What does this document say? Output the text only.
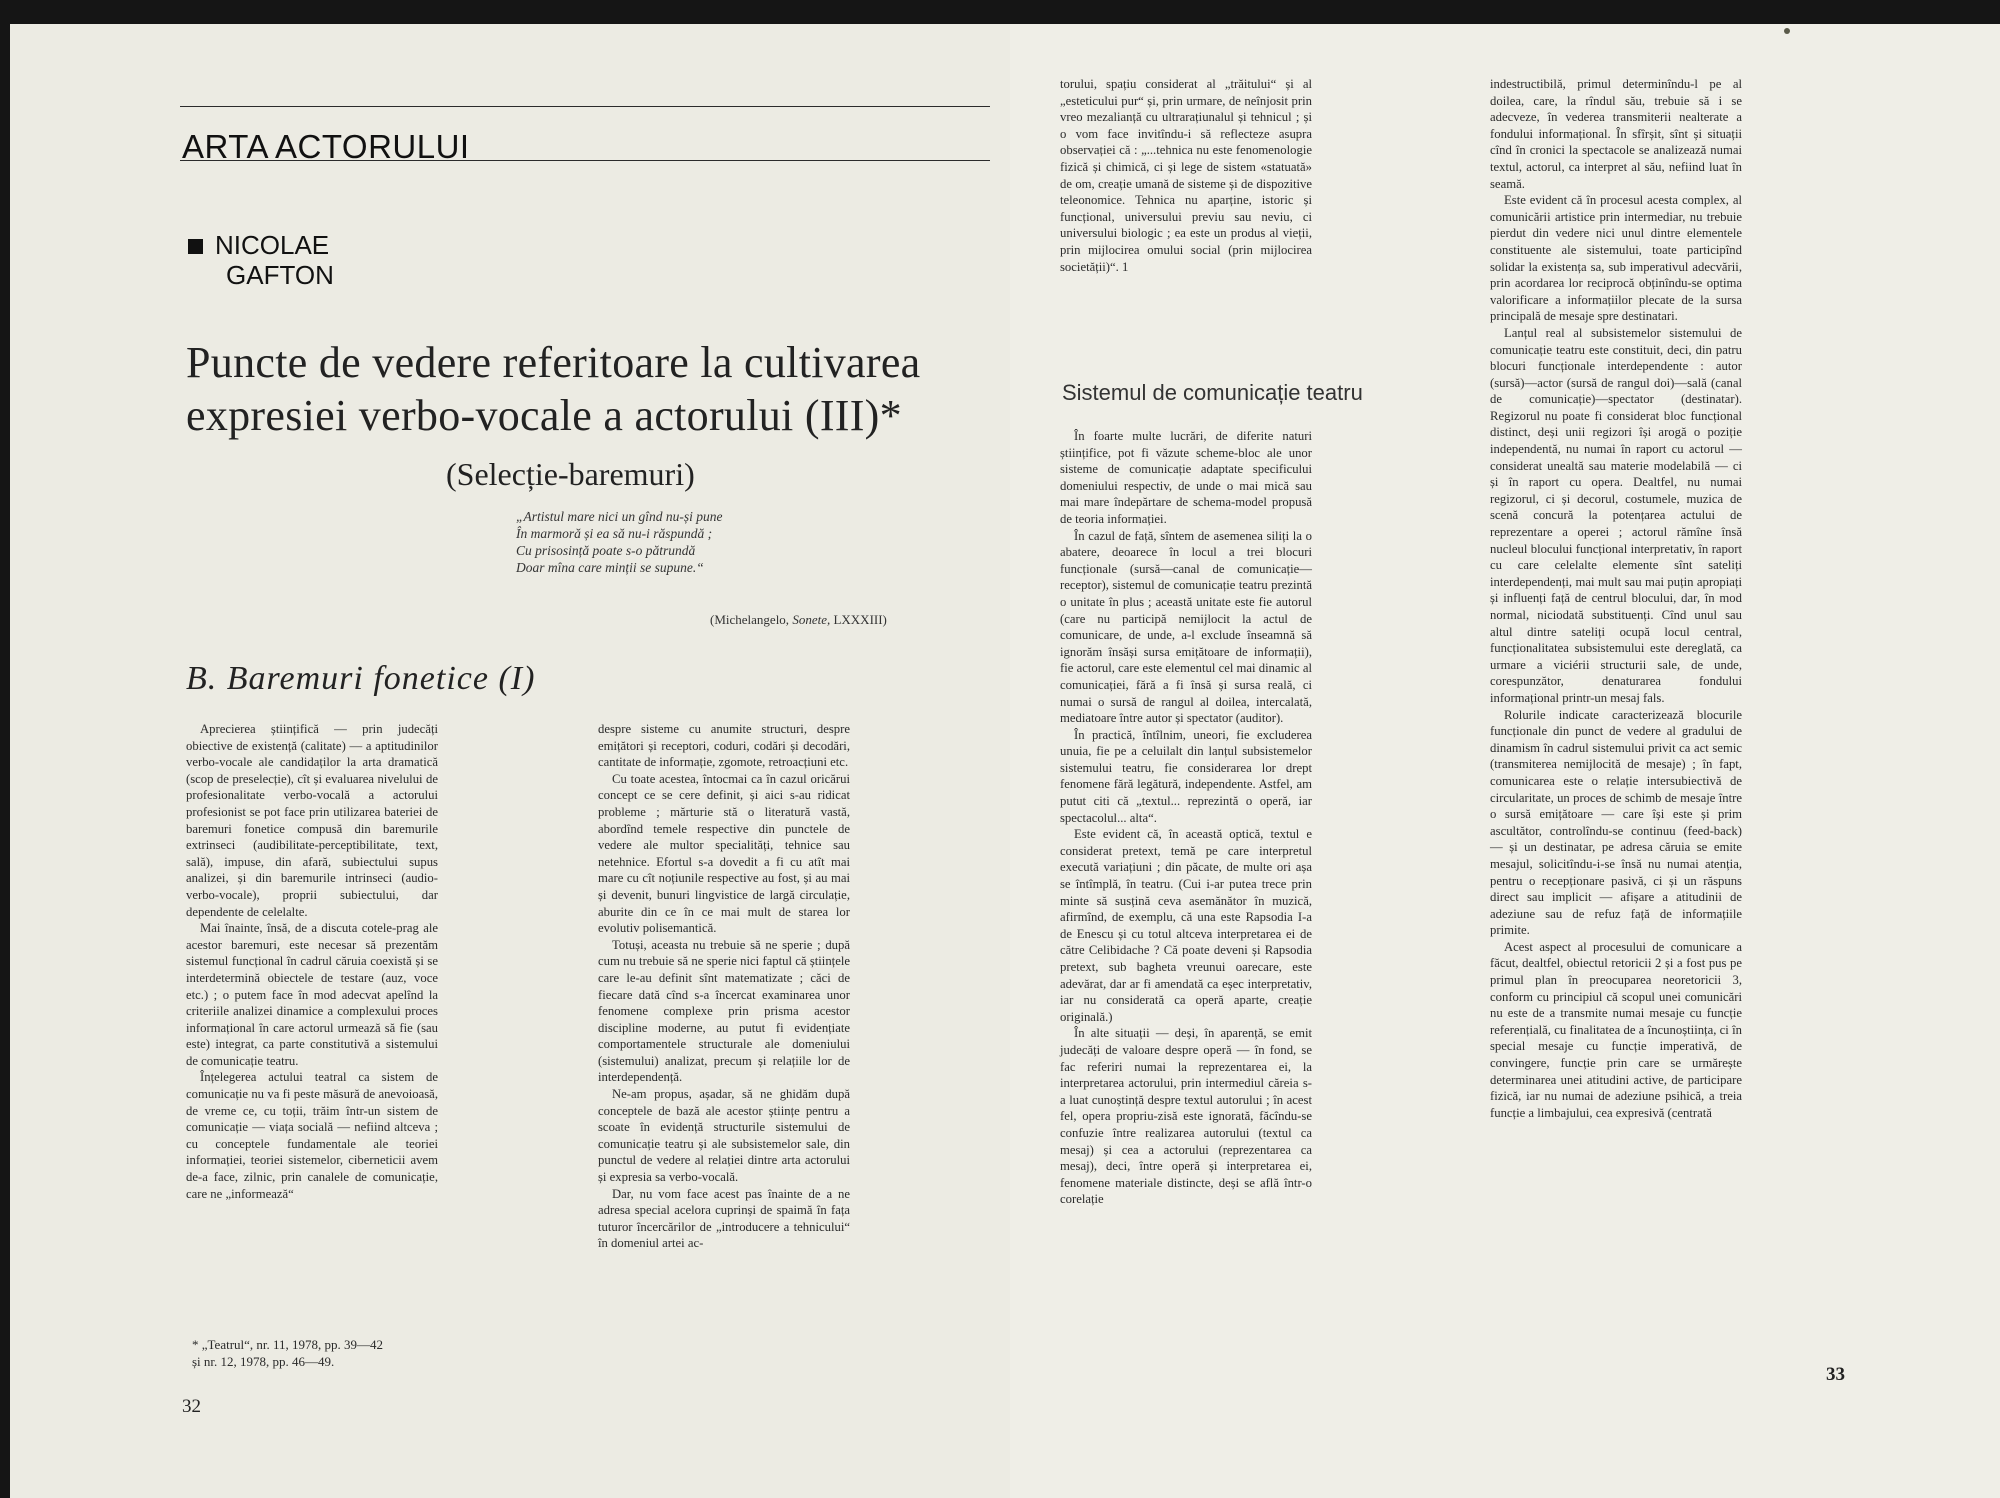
ARTA ACTORULUI
NICOLAE
GAFTON
Puncte de vedere referitoare la cultivarea
expresiei verbo-vocale a actorului (III)*
(Selecție-baremuri)
„Artistul mare nici un gînd nu-și pune
În marmoră și ea să nu-i răspundă ;
Cu prisosință poate s-o pătrundă
Doar mîna care minții se supune.“
(Michelangelo, Sonete, LXXXIII)
B. Baremuri fonetice (I)

Aprecierea științifică — prin judecăți obiective de existență (calitate) — a aptitudinilor verbo-vocale ale candidaților la arta dramatică (scop de preselecție), cît și evaluarea nivelului de profesionalitate verbo-vocală a actorului profesionist se pot face prin utilizarea bateriei de baremuri fonetice compusă din baremurile extrinseci (audibilitate-perceptibilitate, text, sală), impuse, din afară, subiectului supus analizei, și din baremurile intrinseci (audio-verbo-vocale), proprii subiectului, dar dependente de celelalte.

Mai înainte, însă, de a discuta cotele-prag ale acestor baremuri, este necesar să prezentăm sistemul funcțional în cadrul căruia coexistă și se interdetermină obiectele de testare (auz, voce etc.) ; o putem face în mod adecvat apelînd la criteriile analizei dinamice a complexului proces informațional în care actorul urmează să fie (sau este) integrat, ca parte constitutivă a sistemului de comunicație teatru.

Înțelegerea actului teatral ca sistem de comunicație nu va fi peste măsură de anevoioasă, de vreme ce, cu toții, trăim într-un sistem de comunicație — viața socială — nefiind altceva ; cu conceptele fundamentale ale teoriei informației, teoriei sistemelor, ciberneticii avem de-a face, zilnic, prin canalele de comunicație, care ne „informează“

despre sisteme cu anumite structuri, despre emițători și receptori, coduri, codări și decodări, cantitate de informație, zgomote, retroacțiuni etc.

Cu toate acestea, întocmai ca în cazul oricărui concept ce se cere definit, și aici s-au ridicat probleme ; mărturie stă o literatură vastă, abordînd temele respective din punctele de vedere ale multor specialități, tehnice sau netehnice. Efortul s-a dovedit a fi cu atît mai mare cu cît noțiunile respective au fost, și au mai și devenit, bunuri lingvistice de largă circulație, aburite din ce în ce mai mult de starea lor evolutiv polisemantică.

Totuși, aceasta nu trebuie să ne sperie ; după cum nu trebuie să ne sperie nici faptul că științele care le-au definit sînt matematizate ; căci de fiecare dată cînd s-a încercat examinarea unor fenomene complexe prin prisma acestor discipline moderne, au putut fi evidențiate comportamentele structurale ale domeniului (sistemului) analizat, precum și relațiile lor de interdependență.

Ne-am propus, așadar, să ne ghidăm după conceptele de bază ale acestor științe pentru a scoate în evidență structurile sistemului de comunicație teatru și ale subsistemelor sale, din punctul de vedere al relației dintre arta actorului și expresia sa verbo-vocală.

Dar, nu vom face acest pas înainte de a ne adresa special acelora cuprinși de spaimă în fața tuturor încercărilor de „introducere a tehnicului“ în domeniul artei ac-

* „Teatrul“, nr. 11, 1978, pp. 39—42
și nr. 12, 1978, pp. 46—49.
32

torului, spațiu considerat al „trăitului“ și al „esteticului pur“ și, prin urmare, de neînjosit prin vreo mezalianță cu ultrarațiunalul și tehnicul ; și o vom face invitîndu-i să reflecteze asupra observației că : „...tehnica nu este fenomenologie fizică și chimică, ci și lege de sistem «statuată» de om, creație umană de sisteme și de dispozitive teleonomice. Tehnica nu aparține, istoric și funcțional, universului previu sau neviu, ci universului biologic ; ea este un produs al vieții, prin mijlocirea omului social (prin mijlocirea societății)“. 1

Sistemul de comunicație teatru

În foarte multe lucrări, de diferite naturi științifice, pot fi văzute scheme-bloc ale unor sisteme de comunicație adaptate specificului domeniului respectiv, de unde o mai mică sau mai mare îndepărtare de schema-model propusă de teoria informației.

În cazul de față, sîntem de asemenea siliți la o abatere, deoarece în locul a trei blocuri funcționale (sursă—canal de comunicație—receptor), sistemul de comunicație teatru prezintă o unitate în plus ; această unitate este fie autorul (care nu participă nemijlocit la actul de comunicare, de unde, a-l exclude înseamnă să ignorăm însăși sursa emițătoare de informații), fie actorul, care este elementul cel mai dinamic al comunicației, fără a fi însă și sursa reală, ci numai o sursă de rangul al doilea, intercalată, mediatoare între autor și spectator (auditor).

În practică, întîlnim, uneori, fie excluderea unuia, fie pe a celuilalt din lanțul subsistemelor sistemului teatru, fie considerarea lor drept fenomene fără legătură, independente. Astfel, am putut citi că „textul... reprezintă o operă, iar spectacolul... alta“.

Este evident că, în această optică, textul e considerat pretext, temă pe care interpretul execută variațiuni ; din păcate, de multe ori așa se întîmplă, în teatru. (Cui i-ar putea trece prin minte să susțină ceva asemănător în muzică, afirmînd, de exemplu, că una este Rapsodia I-a de Enescu și cu totul altceva interpretarea ei de către Celibidache ? Că poate deveni și Rapsodia pretext, sub bagheta vreunui oarecare, este adevărat, dar ar fi amendată ca eșec interpretativ, iar nu considerată ca operă aparte, creație originală.)

În alte situații — deși, în aparență, se emit judecăți de valoare despre operă — în fond, se fac referiri numai la reprezentarea ei, la interpretarea actorului, prin intermediul căreia s-a luat cunoștință despre textul autorului ; în acest fel, opera propriu-zisă este ignorată, făcîndu-se confuzie între realizarea autorului (textul ca mesaj) și cea a actorului (reprezentarea ca mesaj), deci, între operă și interpretarea ei, fenomene materiale distincte, deși se află într-o corelație

indestructibilă, primul determinîndu-l pe al doilea, care, la rîndul său, trebuie să i se adecveze, în vederea transmiterii nealterate a fondului informațional. În sfîrșit, sînt și situații cînd în cronici la spectacole se analizează numai textul, actorul, ca interpret al său, nefiind luat în seamă.

Este evident că în procesul acesta complex, al comunicării artistice prin intermediar, nu trebuie pierdut din vedere nici unul dintre elementele constituente ale sistemului, toate participînd solidar la existența sa, sub imperativul adecvării, prin acordarea lor reciprocă obținîndu-se optima valorificare a informațiilor plecate de la sursa principală de mesaje spre destinatari.

Lanțul real al subsistemelor sistemului de comunicație teatru este constituit, deci, din patru blocuri funcționale interdependente : autor (sursă)—actor (sursă de rangul doi)—sală (canal de comunicație)—spectator (destinatar). Regizorul nu poate fi considerat bloc funcțional distinct, deși unii regizori își arogă o poziție independentă, nu numai în raport cu actorul — considerat unealtă sau materie modelabilă — ci și în raport cu opera. Dealtfel, nu numai regizorul, ci și decorul, costumele, muzica de scenă concură la potențarea actului de reprezentare a operei ; actorul rămîne însă nucleul blocului funcțional interpretativ, în raport cu care celelalte elemente sînt sateliți interdependenți, mai mult sau mai puțin apropiați și influenți față de centrul blocului, dar, în mod normal, niciodată substituenți. Cînd unul sau altul dintre sateliți ocupă locul central, funcționalitatea subsistemului este dereglată, ca urmare a viciérii structurii sale, de unde, corespunzător, denaturarea fondului informațional printr-un mesaj fals.

Rolurile indicate caracterizează blocurile funcționale din punct de vedere al gradului de dinamism în cadrul sistemului privit ca act semic (transmiterea nemijlocită de mesaje) ; în fapt, comunicarea este o relație intersubiectivă de circularitate, un proces de schimb de mesaje între o sursă emițătoare — care își este și prim ascultător, controlîndu-se continuu (feed-back) — și un destinatar, pe adresa căruia se emite mesajul, solicitîndu-i-se însă nu numai atenția, pentru o recepționare pasivă, ci și un răspuns direct sau implicit — afișare a atitudinii de adeziune sau de refuz față de informațiile primite.

Acest aspect al procesului de comunicare a făcut, dealtfel, obiectul retoricii 2 și a fost pus pe primul plan în preocuparea neoretoricii 3, conform cu principiul că scopul unei comunicări nu este de a transmite numai mesaje cu funcție referențială, cu finalitatea de a încunoștiința, ci în special mesaje cu funcție imperativă, de convingere, funcție prin care se urmărește determinarea unei atitudini active, de participare fizică, iar nu numai de adeziune psihică, a treia funcție a limbajului, cea expresivă (centrată

33
